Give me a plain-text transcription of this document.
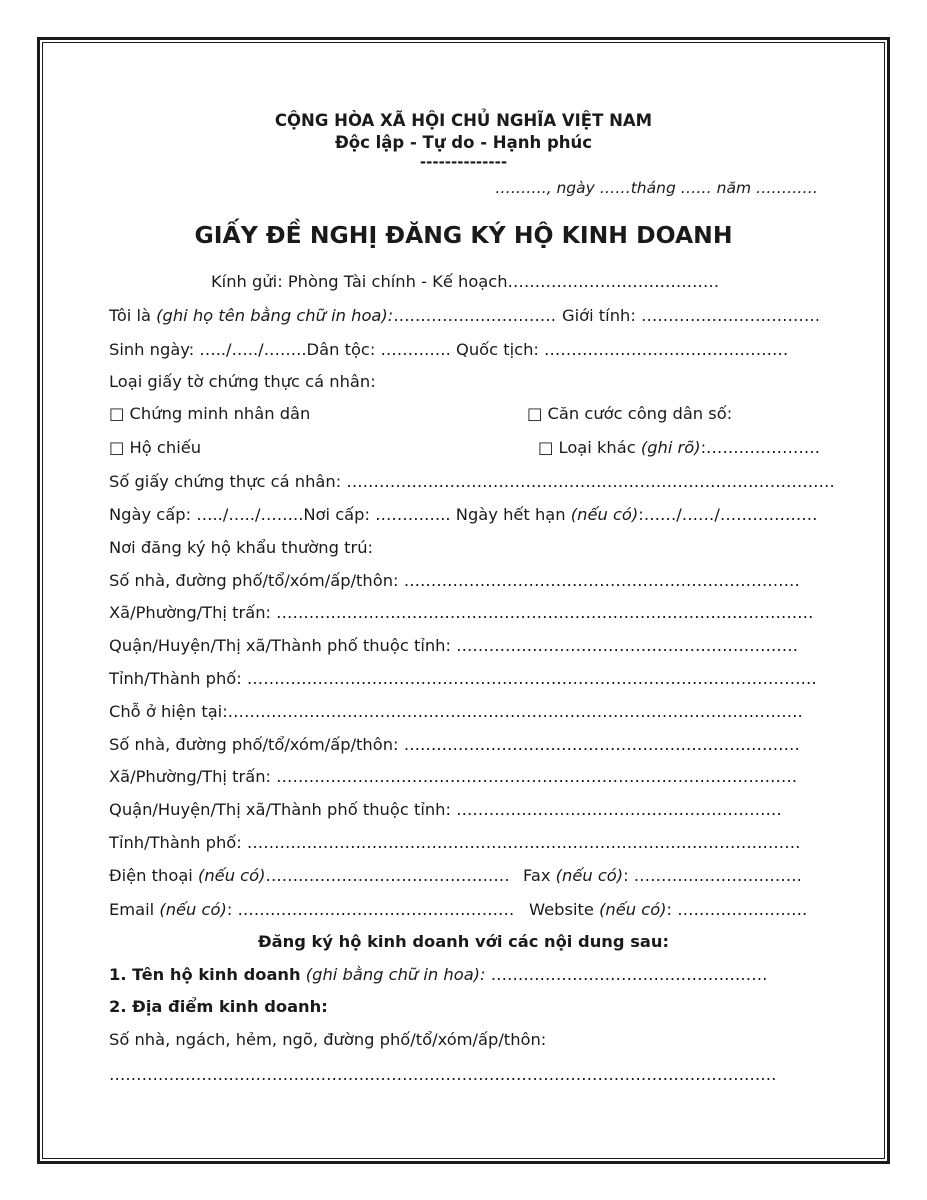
CỘNG HÒA XÃ HỘI CHỦ NGHĨA VIỆT NAM
Độc lập - Tự do - Hạnh phúc
--------------
………., ngày ……tháng …… năm …………
GIẤY ĐỀ NGHỊ ĐĂNG KÝ HỘ KINH DOANH
Kính gửi: Phòng Tài chính - Kế hoạch…………………………………
Tôi là (ghi họ tên bằng chữ in hoa):………………………… Giới tính: ……………………………
Sinh ngày: …../…../……..Dân tộc: …………. Quốc tịch: ………………………………………
Loại giấy tờ chứng thực cá nhân:
□ Chứng minh nhân dân	□ Căn cước công dân số:
□ Hộ chiếu	□ Loại khác (ghi rõ):…………………
Số giấy chứng thực cá nhân: ………………………………………………………………………………
Ngày cấp: …../…../……..Nơi cấp: ………….. Ngày hết hạn (nếu có):……/……/………………
Nơi đăng ký hộ khẩu thường trú:
Số nhà, đường phố/tổ/xóm/ấp/thôn: ……………………………………………………………….
Xã/Phường/Thị trấn: ………………………………………………………………………………………
Quận/Huyện/Thị xã/Thành phố thuộc tỉnh: ………………………………………………………
Tỉnh/Thành phố: ……………………………………………………………………………………………
Chỗ ở hiện tại:…………………………………………………………………………………………….
Số nhà, đường phố/tổ/xóm/ấp/thôn: ……………………………………………………………….
Xã/Phường/Thị trấn: ……………………………………………………………………………………
Quận/Huyện/Thị xã/Thành phố thuộc tỉnh: ……………………………………………………
Tỉnh/Thành phố: …………………………………………………………………………………………
Điện thoại (nếu có)……………………………………… Fax (nếu có): ………………………….
Email (nếu có): …………………………………………… Website (nếu có): ……………………
Đăng ký hộ kinh doanh với các nội dung sau:
1. Tên hộ kinh doanh (ghi bằng chữ in hoa): ……………………………………………
2. Địa điểm kinh doanh:
Số nhà, ngách, hẻm, ngõ, đường phố/tổ/xóm/ấp/thôn:
……………………………………………………………………………………………………………
